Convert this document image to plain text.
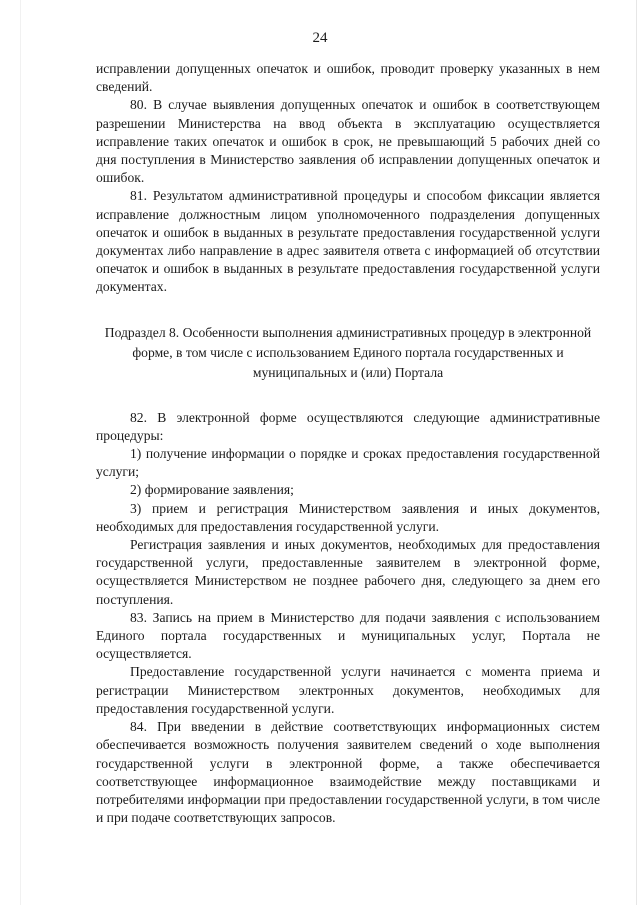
24

исправлении допущенных опечаток и ошибок, проводит проверку указанных в нем сведений.

80. В случае выявления допущенных опечаток и ошибок в соответствующем разрешении Министерства на ввод объекта в эксплуатацию осуществляется исправление таких опечаток и ошибок в срок, не превышающий 5 рабочих дней со дня поступления в Министерство заявления об исправлении допущенных опечаток и ошибок.

81. Результатом административной процедуры и способом фиксации является исправление должностным лицом уполномоченного подразделения допущенных опечаток и ошибок в выданных в результате предоставления государственной услуги документах либо направление в адрес заявителя ответа с информацией об отсутствии опечаток и ошибок в выданных в результате предоставления государственной услуги документах.

Подраздел 8. Особенности выполнения административных процедур в электронной форме, в том числе с использованием Единого портала государственных и муниципальных и (или) Портала

82. В электронной форме осуществляются следующие административные процедуры:

1) получение информации о порядке и сроках предоставления государственной услуги;

2) формирование заявления;

3) прием и регистрация Министерством заявления и иных документов, необходимых для предоставления государственной услуги.

Регистрация заявления и иных документов, необходимых для предоставления государственной услуги, предоставленные заявителем в электронной форме, осуществляется Министерством не позднее рабочего дня, следующего за днем его поступления.

83. Запись на прием в Министерство для подачи заявления с использованием Единого портала государственных и муниципальных услуг, Портала не осуществляется.

Предоставление государственной услуги начинается с момента приема и регистрации Министерством электронных документов, необходимых для предоставления государственной услуги.

84. При введении в действие соответствующих информационных систем обеспечивается возможность получения заявителем сведений о ходе выполнения государственной услуги в электронной форме, а также обеспечивается соответствующее информационное взаимодействие между поставщиками и потребителями информации при предоставлении государственной услуги, в том числе и при подаче соответствующих запросов.
